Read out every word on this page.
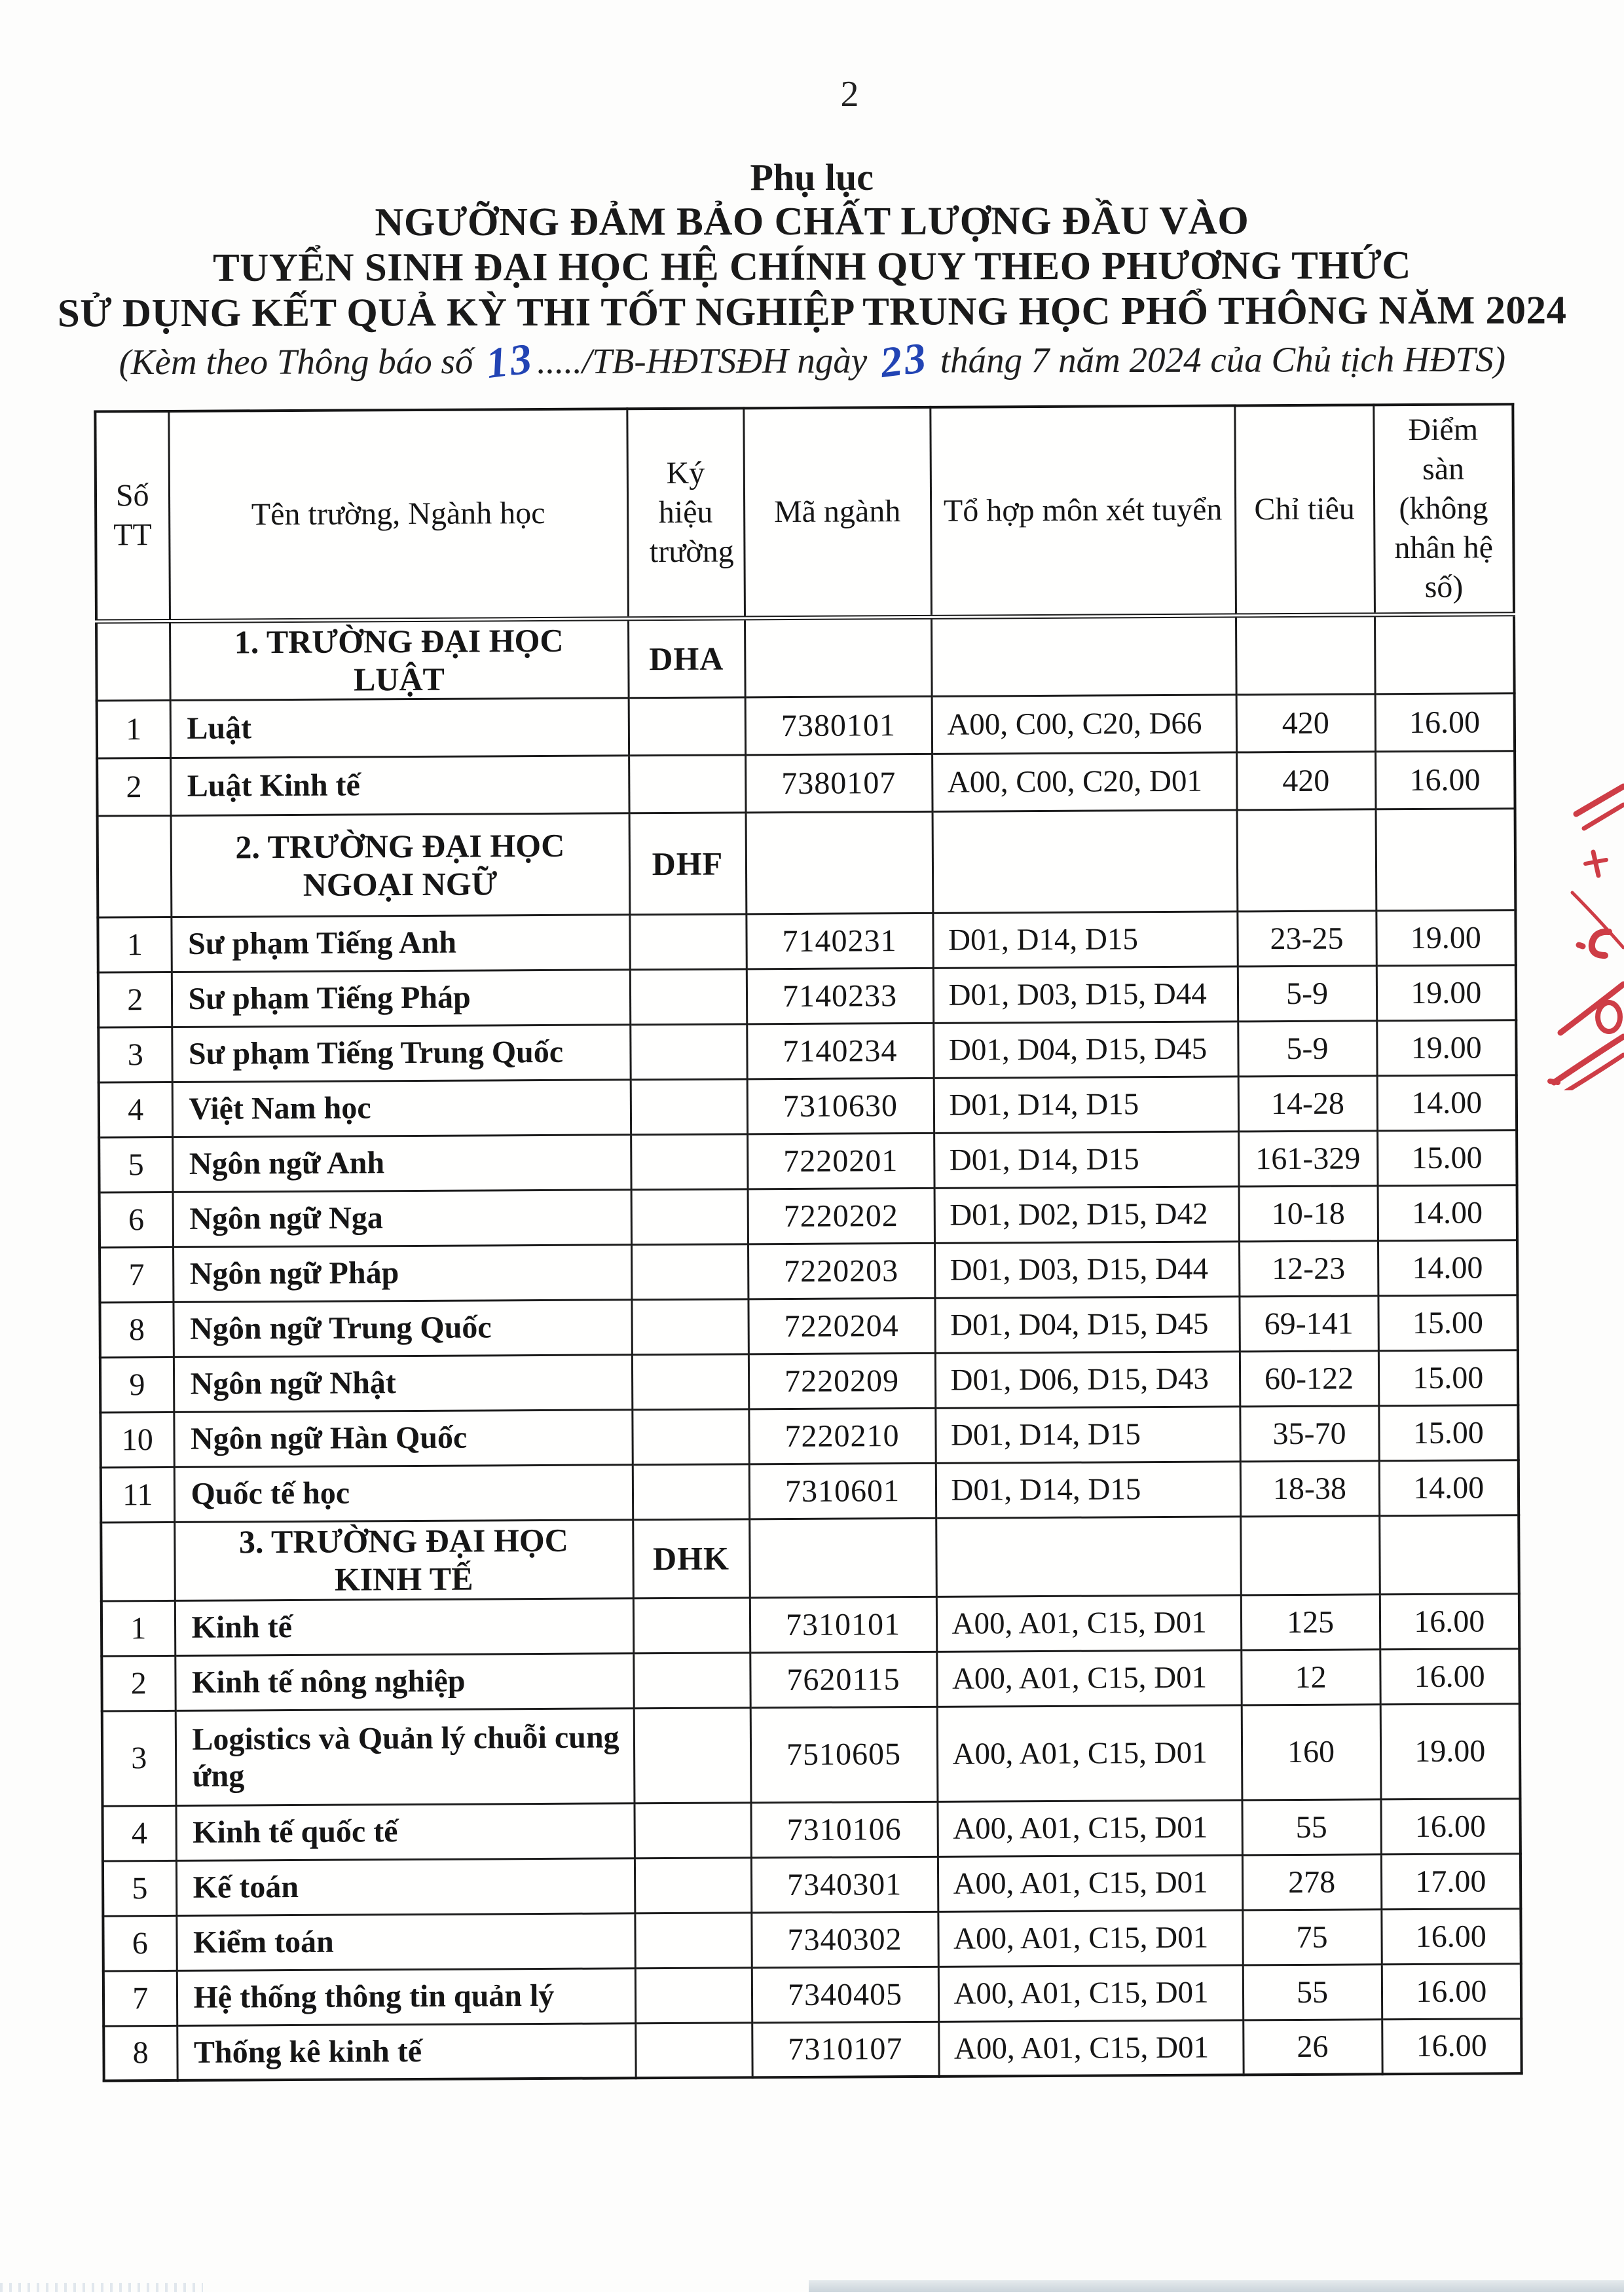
2
Phụ lục
NGƯỠNG ĐẢM BẢO CHẤT LƯỢNG ĐẦU VÀO
TUYỂN SINH ĐẠI HỌC HỆ CHÍNH QUY THEO PHƯƠNG THỨC
SỬ DỤNG KẾT QUẢ KỲ THI TỐT NGHIỆP TRUNG HỌC PHỔ THÔNG NĂM 2024
(Kèm theo Thông báo số 13...../TB-HĐTSĐH ngày 23 tháng 7 năm 2024 của Chủ tịch HĐTS)
Số TT	Tên trường, Ngành học	Ký hiệu trường	Mã ngành	Tổ hợp môn xét tuyển	Chỉ tiêu	Điểm sàn (không nhân hệ số)
	1. TRƯỜNG ĐẠI HỌC LUẬT	DHA				
1	Luật		7380101	A00, C00, C20, D66	420	16.00
2	Luật Kinh tế		7380107	A00, C00, C20, D01	420	16.00
	2. TRƯỜNG ĐẠI HỌC NGOẠI NGỮ	DHF				
1	Sư phạm Tiếng Anh		7140231	D01, D14, D15	23-25	19.00
2	Sư phạm Tiếng Pháp		7140233	D01, D03, D15, D44	5-9	19.00
3	Sư phạm Tiếng Trung Quốc		7140234	D01, D04, D15, D45	5-9	19.00
4	Việt Nam học		7310630	D01, D14, D15	14-28	14.00
5	Ngôn ngữ Anh		7220201	D01, D14, D15	161-329	15.00
6	Ngôn ngữ Nga		7220202	D01, D02, D15, D42	10-18	14.00
7	Ngôn ngữ Pháp		7220203	D01, D03, D15, D44	12-23	14.00
8	Ngôn ngữ Trung Quốc		7220204	D01, D04, D15, D45	69-141	15.00
9	Ngôn ngữ Nhật		7220209	D01, D06, D15, D43	60-122	15.00
10	Ngôn ngữ Hàn Quốc		7220210	D01, D14, D15	35-70	15.00
11	Quốc tế học		7310601	D01, D14, D15	18-38	14.00
	3. TRƯỜNG ĐẠI HỌC KINH TẾ	DHK				
1	Kinh tế		7310101	A00, A01, C15, D01	125	16.00
2	Kinh tế nông nghiệp		7620115	A00, A01, C15, D01	12	16.00
3	Logistics và Quản lý chuỗi cung ứng		7510605	A00, A01, C15, D01	160	19.00
4	Kinh tế quốc tế		7310106	A00, A01, C15, D01	55	16.00
5	Kế toán		7340301	A00, A01, C15, D01	278	17.00
6	Kiểm toán		7340302	A00, A01, C15, D01	75	16.00
7	Hệ thống thông tin quản lý		7340405	A00, A01, C15, D01	55	16.00
8	Thống kê kinh tế		7310107	A00, A01, C15, D01	26	16.00
